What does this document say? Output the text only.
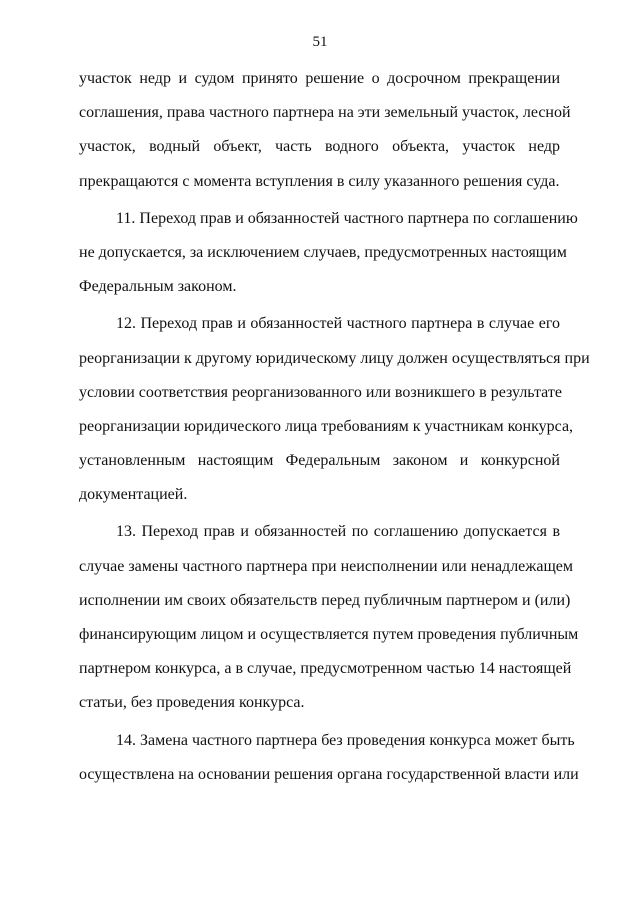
51
участок недр и судом принято решение о досрочном прекращении
соглашения, права частного партнера на эти земельный участок, лесной
участок, водный объект, часть водного объекта, участок недр
прекращаются с момента вступления в силу указанного решения суда.
11. Переход прав и обязанностей частного партнера по соглашению
не допускается, за исключением случаев, предусмотренных настоящим
Федеральным законом.
12. Переход прав и обязанностей частного партнера в случае его
реорганизации к другому юридическому лицу должен осуществляться при
условии соответствия реорганизованного или возникшего в результате
реорганизации юридического лица требованиям к участникам конкурса,
установленным настоящим Федеральным законом и конкурсной
документацией.
13. Переход прав и обязанностей по соглашению допускается в
случае замены частного партнера при неисполнении или ненадлежащем
исполнении им своих обязательств перед публичным партнером и (или)
финансирующим лицом и осуществляется путем проведения публичным
партнером конкурса, а в случае, предусмотренном частью 14 настоящей
статьи, без проведения конкурса.
14. Замена частного партнера без проведения конкурса может быть
осуществлена на основании решения органа государственной власти или
